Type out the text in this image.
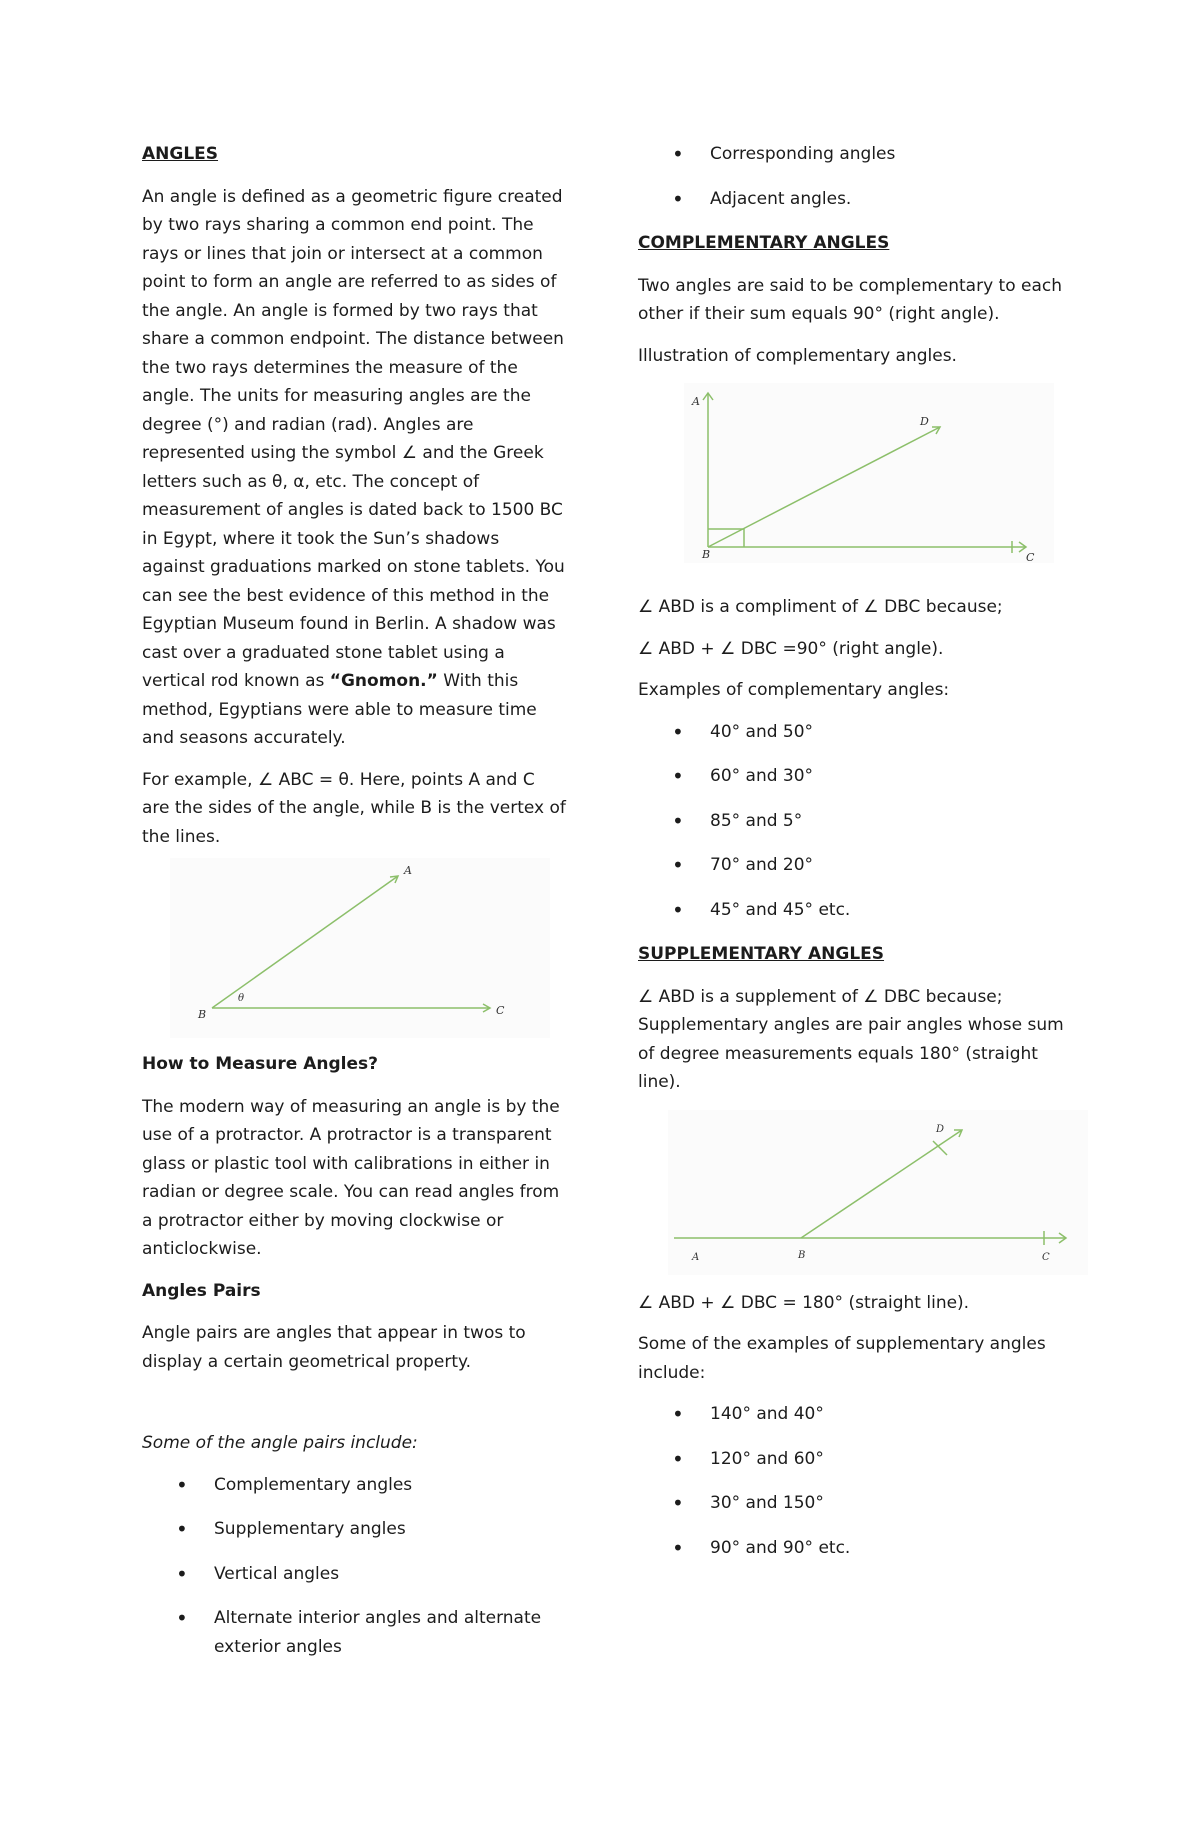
ANGLES

An angle is defined as a geometric figure created by two rays sharing a common end point. The rays or lines that join or intersect at a common point to form an angle are referred to as sides of the angle. An angle is formed by two rays that share a common endpoint. The distance between the two rays determines the measure of the angle. The units for measuring angles are the degree (°) and radian (rad). Angles are represented using the symbol ∠ and the Greek letters such as θ, α, etc. The concept of measurement of angles is dated back to 1500 BC in Egypt, where it took the Sun’s shadows against graduations marked on stone tablets. You can see the best evidence of this method in the Egyptian Museum found in Berlin. A shadow was cast over a graduated stone tablet using a vertical rod known as “Gnomon.” With this method, Egyptians were able to measure time and seasons accurately.

For example, ∠ ABC = θ. Here, points A and C are the sides of the angle, while B is the vertex of the lines.

A
B	C
θ

How to Measure Angles?

The modern way of measuring an angle is by the use of a protractor. A protractor is a transparent glass or plastic tool with calibrations in either in radian or degree scale. You can read angles from a protractor either by moving clockwise or anticlockwise.

Angles Pairs

Angle pairs are angles that appear in twos to display a certain geometrical property.

Some of the angle pairs include:

• Complementary angles
• Supplementary angles
• Vertical angles
• Alternate interior angles and alternate exterior angles
• Corresponding angles
• Adjacent angles.

COMPLEMENTARY ANGLES

Two angles are said to be complementary to each other if their sum equals 90° (right angle).

Illustration of complementary angles.

A
B	C
D

∠ ABD is a compliment of ∠ DBC because;

∠ ABD + ∠ DBC =90° (right angle).

Examples of complementary angles:

• 40° and 50°
• 60° and 30°
• 85° and 5°
• 70° and 20°
• 45° and 45° etc.

SUPPLEMENTARY ANGLES

∠ ABD is a supplement of ∠ DBC because; Supplementary angles are pair angles whose sum of degree measurements equals 180° (straight line).

A	B	C
D

∠ ABD + ∠ DBC = 180° (straight line).

Some of the examples of supplementary angles include:

• 140° and 40°
• 120° and 60°
• 30° and 150°
• 90° and 90° etc.
